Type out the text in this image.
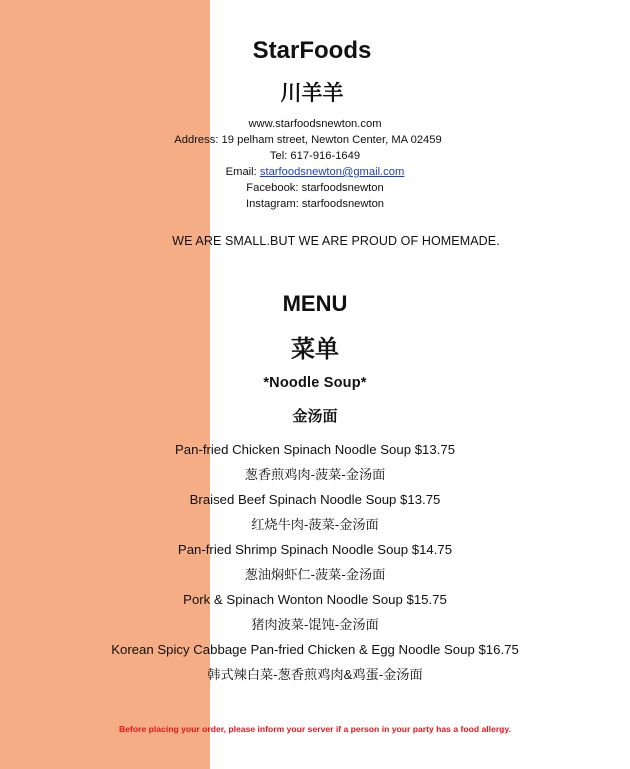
StarFoods
川羊羊
www.starfoodsnewton.com
Address: 19 pelham street, Newton Center, MA 02459
Tel: 617-916-1649
Email: starfoodsnewton@gmail.com
Facebook: starfoodsnewton
Instagram: starfoodsnewton
WE ARE SMALL.BUT WE ARE PROUD OF HOMEMADE.
MENU
菜单
*Noodle Soup*
金汤面
Pan-fried Chicken Spinach Noodle Soup $13.75
葱香煎鸡肉-菠菜-金汤面
Braised Beef Spinach Noodle Soup $13.75
红烧牛肉-菠菜-金汤面
Pan-fried Shrimp Spinach Noodle Soup $14.75
葱油焖虾仁-菠菜-金汤面
Pork & Spinach Wonton Noodle Soup $15.75
猪肉波菜-馄饨-金汤面
Korean Spicy Cabbage Pan-fried Chicken & Egg Noodle Soup $16.75
韩式辣白菜-葱香煎鸡肉&鸡蛋-金汤面
Before placing your order, please inform your server if a person in your party has a food allergy.
